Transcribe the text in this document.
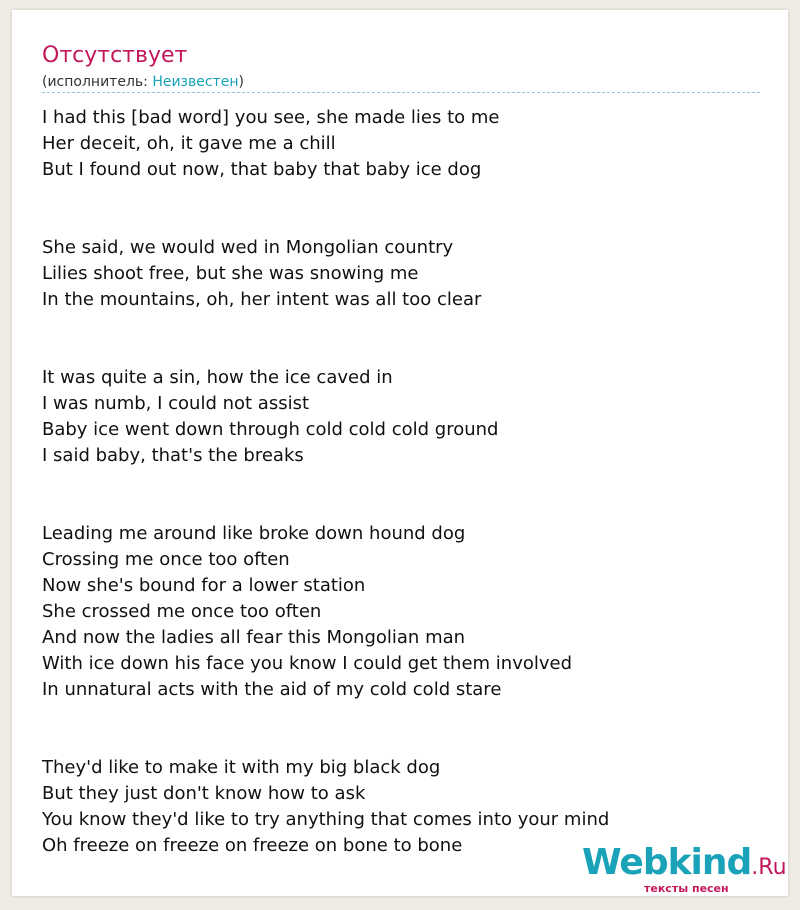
Отсутствует
(исполнитель: Неизвестен)
I had this [bad word] you see, she made lies to me
Her deceit, oh, it gave me a chill
But I found out now, that baby that baby ice dog
She said, we would wed in Mongolian country
Lilies shoot free, but she was snowing me
In the mountains, oh, her intent was all too clear
It was quite a sin, how the ice caved in
I was numb, I could not assist
Baby ice went down through cold cold cold ground
I said baby, that's the breaks
Leading me around like broke down hound dog
Crossing me once too often
Now she's bound for a lower station
She crossed me once too often
And now the ladies all fear this Mongolian man
With ice down his face you know I could get them involved
In unnatural acts with the aid of my cold cold stare
They'd like to make it with my big black dog
But they just don't know how to ask
You know they'd like to try anything that comes into your mind
Oh freeze on freeze on freeze on bone to bone	Webkind.Ru
тексты песен
